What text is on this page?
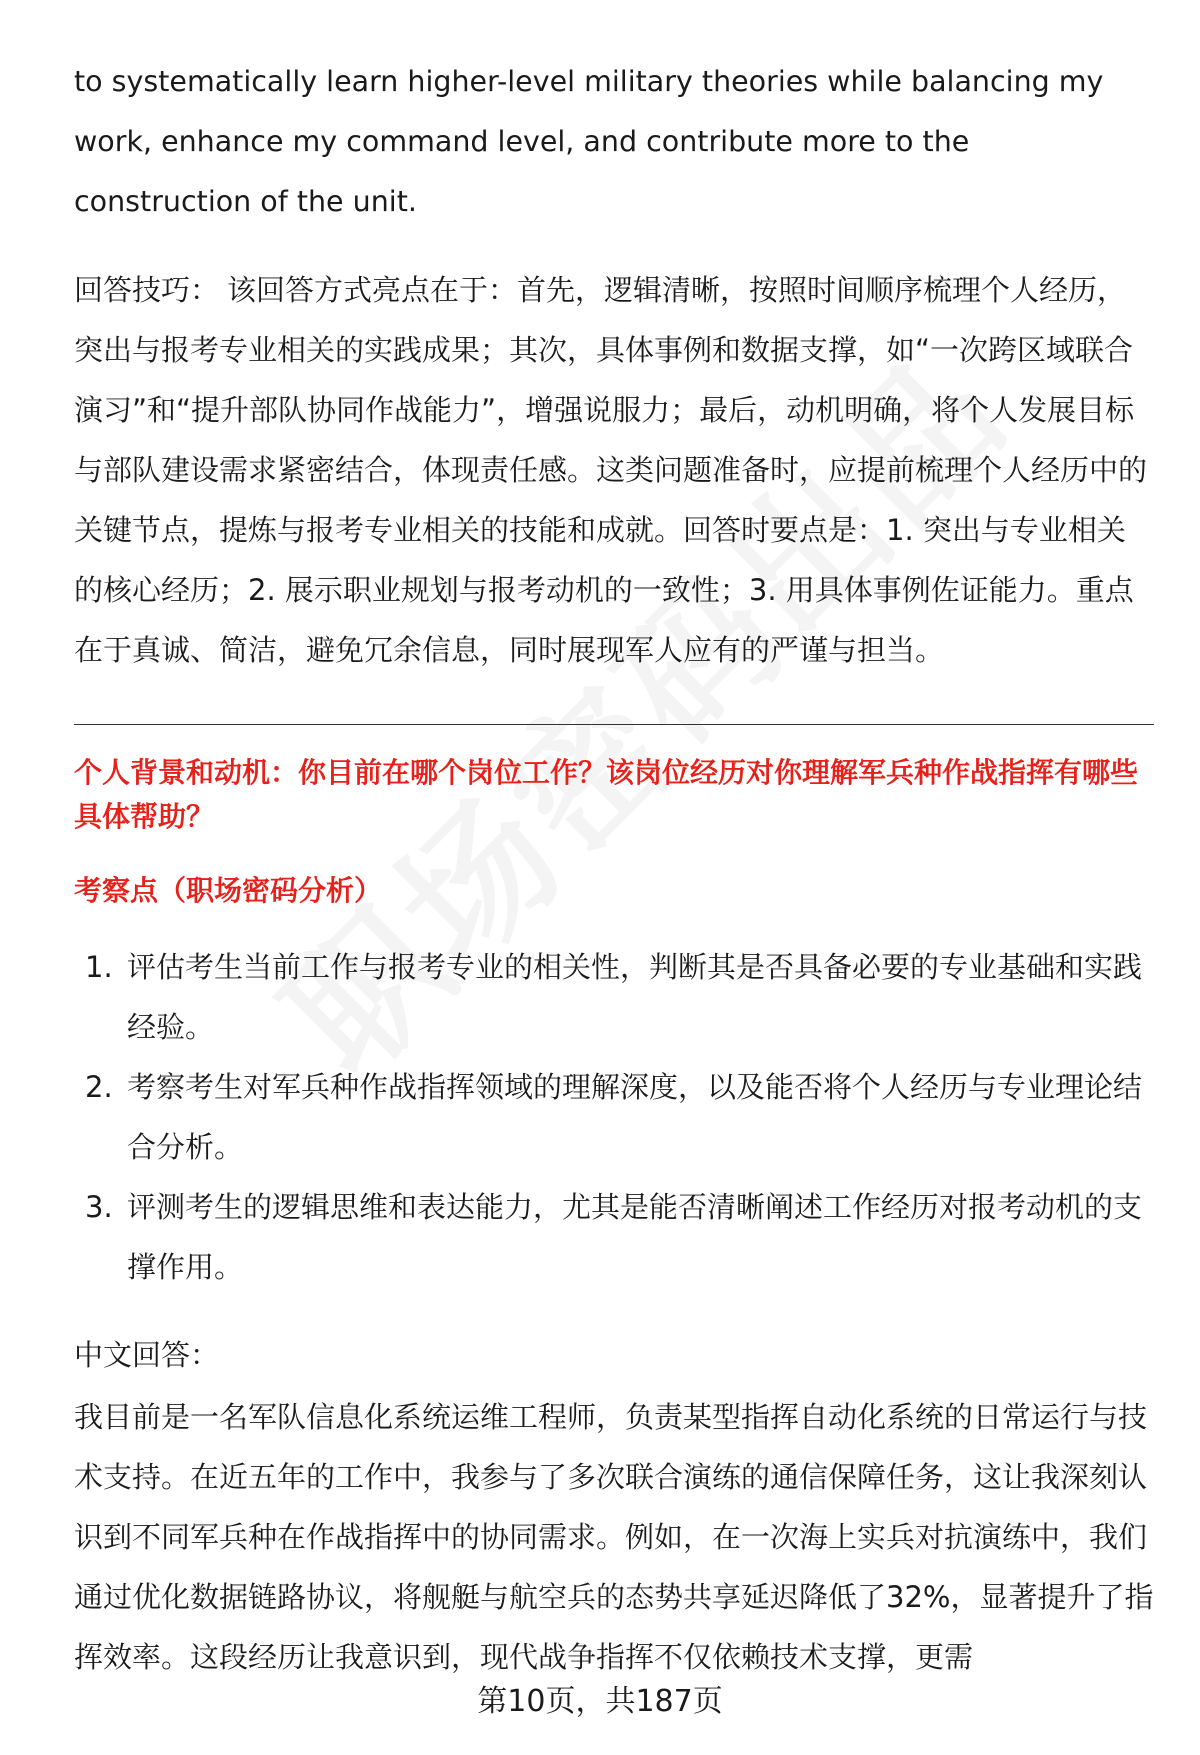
to systematically learn higher-level military theories while balancing my work, enhance my command level, and contribute more to the construction of the unit.

回答技巧： 该回答方式亮点在于：首先，逻辑清晰，按照时间顺序梳理个人经历，突出与报考专业相关的实践成果；其次，具体事例和数据支撑，如“一次跨区域联合演习”和“提升部队协同作战能力”，增强说服力；最后，动机明确，将个人发展目标与部队建设需求紧密结合，体现责任感。这类问题准备时，应提前梳理个人经历中的关键节点，提炼与报考专业相关的技能和成就。回答时要点是：1. 突出与专业相关的核心经历；2. 展示职业规划与报考动机的一致性；3. 用具体事例佐证能力。重点在于真诚、简洁，避免冗余信息，同时展现军人应有的严谨与担当。

个人背景和动机：你目前在哪个岗位工作？该岗位经历对你理解军兵种作战指挥有哪些具体帮助？

考察点（职场密码分析）

1. 评估考生当前工作与报考专业的相关性，判断其是否具备必要的专业基础和实践经验。
2. 考察考生对军兵种作战指挥领域的理解深度，以及能否将个人经历与专业理论结合分析。
3. 评测考生的逻辑思维和表达能力，尤其是能否清晰阐述工作经历对报考动机的支撑作用。

中文回答：

我目前是一名军队信息化系统运维工程师，负责某型指挥自动化系统的日常运行与技术支持。在近五年的工作中，我参与了多次联合演练的通信保障任务，这让我深刻认识到不同军兵种在作战指挥中的协同需求。例如，在一次海上实兵对抗演练中，我们通过优化数据链路协议，将舰艇与航空兵的态势共享延迟降低了32%，显著提升了指挥效率。这段经历让我意识到，现代战争指挥不仅依赖技术支撑，更需

第10页，共187页
